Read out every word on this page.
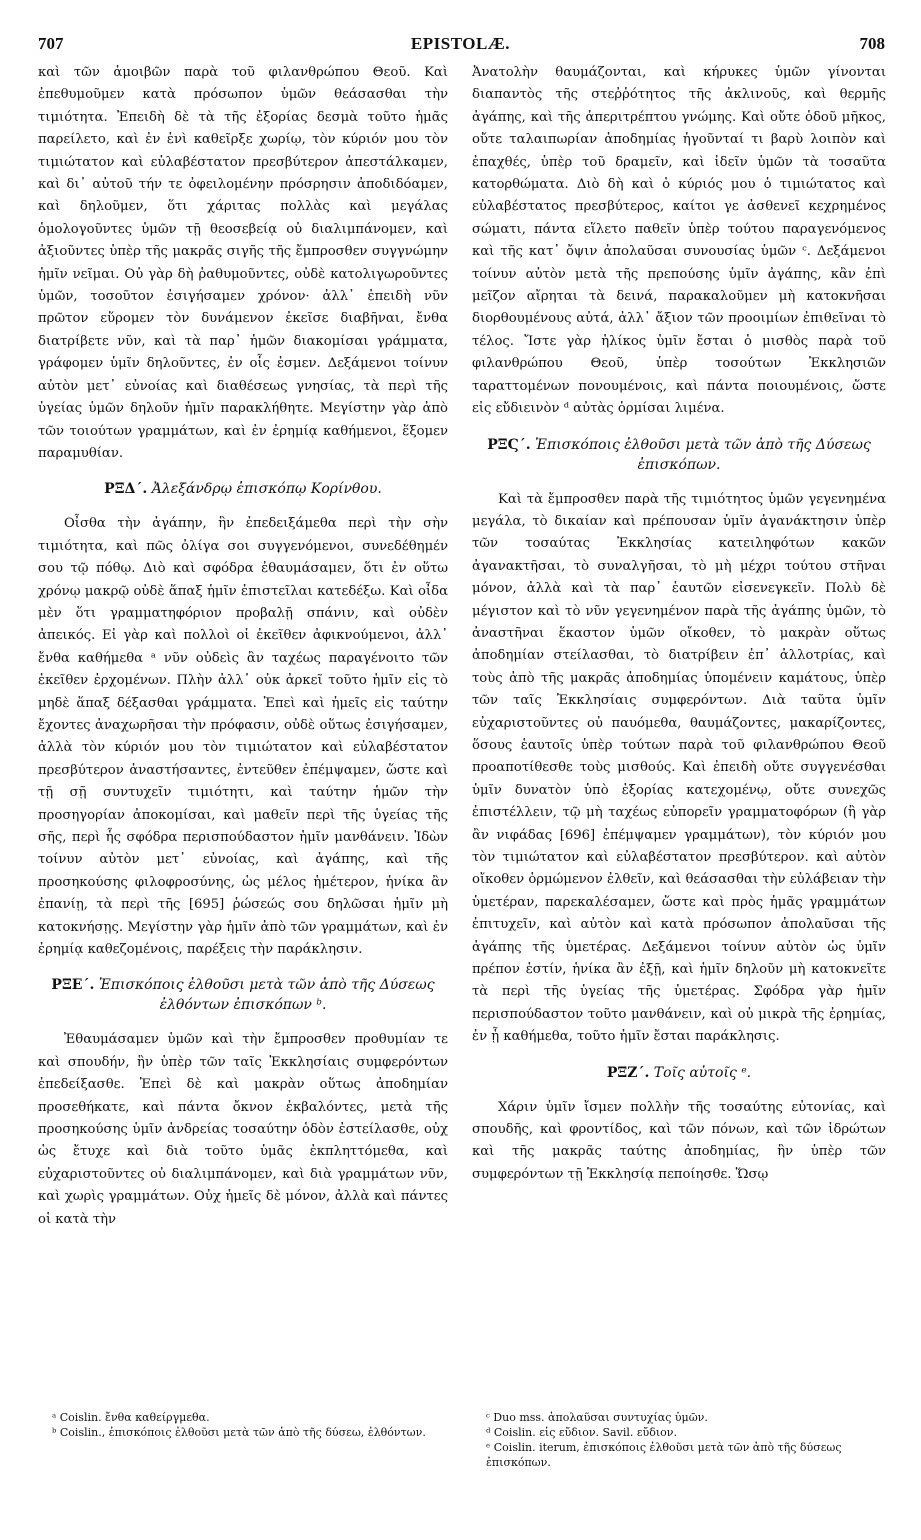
EPISTOLÆ.
707	708

καὶ τῶν ἀμοιβῶν παρὰ τοῦ φιλανθρώπου Θεοῦ. Καὶ ἐπεθυμοῦμεν κατὰ πρόσωπον ὑμῶν θεάσασθαι τὴν τιμιότητα. Ἐπειδὴ δὲ τὰ τῆς ἐξορίας δεσμὰ τοῦτο ἡμᾶς παρείλετο, καὶ ἐν ἑνὶ καθεῖρξε χωρίῳ, τὸν κύριόν μου τὸν τιμιώτατον καὶ εὐλαβέστατον πρεσβύτερον ἀπεστάλκαμεν, καὶ δι᾽ αὐτοῦ τήν τε ὀφειλομένην πρόσρησιν ἀποδιδόαμεν, καὶ δηλοῦμεν, ὅτι χάριτας πολλὰς καὶ μεγάλας ὁμολογοῦντες ὑμῶν τῇ θεοσεβείᾳ οὐ διαλιμπάνομεν, καὶ ἀξιοῦντες ὑπὲρ τῆς μακρᾶς σιγῆς τῆς ἔμπροσθεν συγγνώμην ἡμῖν νεῖμαι. Οὐ γὰρ δὴ ῥαθυμοῦντες, οὐδὲ κατολιγωροῦντες ὑμῶν, τοσοῦτον ἐσιγήσαμεν χρόνον· ἀλλ᾽ ἐπειδὴ νῦν πρῶτον εὕρομεν τὸν δυνάμενον ἐκεῖσε διαβῆναι, ἔνθα διατρίβετε νῦν, καὶ τὰ παρ᾽ ἡμῶν διακομίσαι γράμματα, γράφομεν ὑμῖν δηλοῦντες, ἐν οἷς ἐσμεν. Δεξάμενοι τοίνυν αὐτὸν μετ᾽ εὐνοίας καὶ διαθέσεως γνησίας, τὰ περὶ τῆς ὑγείας ὑμῶν δηλοῦν ἡμῖν παρακλήθητε. Μεγίστην γὰρ ἀπὸ τῶν τοιούτων γραμμάτων, καὶ ἐν ἐρημίᾳ καθήμενοι, ἕξομεν παραμυθίαν.

ΡΞΔ΄. Ἀλεξάνδρῳ ἐπισκόπῳ Κορίνθου.

Οἶσθα τὴν ἀγάπην, ἣν ἐπεδειξάμεθα περὶ τὴν σὴν τιμιότητα, καὶ πῶς ὀλίγα σοι συγγενόμενοι, συνεδέθημέν σου τῷ πόθῳ. Διὸ καὶ σφόδρα ἐθαυμάσαμεν, ὅτι ἐν οὕτω χρόνῳ μακρῷ οὐδὲ ἅπαξ ἡμῖν ἐπιστεῖλαι κατεδέξω. Καὶ οἶδα μὲν ὅτι γραμματηφόριον προβαλῇ σπάνιν, καὶ οὐδὲν ἀπεικός. Εἰ γὰρ καὶ πολλοὶ οἱ ἐκεῖθεν ἀφικνούμενοι, ἀλλ᾽ ἔνθα καθήμεθα ᵃ νῦν οὐδεὶς ἂν ταχέως παραγένοιτο τῶν ἐκεῖθεν ἐρχομένων. Πλὴν ἀλλ᾽ οὐκ ἀρκεῖ τοῦτο ἡμῖν εἰς τὸ μηδὲ ἅπαξ δέξασθαι γράμματα. Ἐπεὶ καὶ ἡμεῖς εἰς ταύτην ἔχοντες ἀναχωρῆσαι τὴν πρόφασιν, οὐδὲ οὕτως ἐσιγήσαμεν, ἀλλὰ τὸν κύριόν μου τὸν τιμιώτατον καὶ εὐλαβέστατον πρεσβύτερον ἀναστήσαντες, ἐντεῦθεν ἐπέμψαμεν, ὥστε καὶ τῇ σῇ συντυχεῖν τιμιότητι, καὶ ταύτην ἡμῶν τὴν προσηγορίαν ἀποκομίσαι, καὶ μαθεῖν περὶ τῆς ὑγείας τῆς σῆς, περὶ ἧς σφόδρα περισπούδαστον ἡμῖν μανθάνειν. Ἰδὼν τοίνυν αὐτὸν μετ᾽ εὐνοίας, καὶ ἀγάπης, καὶ τῆς προσηκούσης φιλοφροσύνης, ὡς μέλος ἡμέτερον, ἡνίκα ἂν ἐπανίῃ, τὰ περὶ τῆς [695] ῥώσεώς σου δηλῶσαι ἡμῖν μὴ κατοκνήσῃς. Μεγίστην γὰρ ἡμῖν ἀπὸ τῶν γραμμάτων, καὶ ἐν ἐρημίᾳ καθεζομένοις, παρέξεις τὴν παράκλησιν.

ΡΞΕ΄. Ἐπισκόποις ἐλθοῦσι μετὰ τῶν ἀπὸ τῆς Δύσεως ἐλθόντων ἐπισκόπων ᵇ.

Ἐθαυμάσαμεν ὑμῶν καὶ τὴν ἔμπροσθεν προθυμίαν τε καὶ σπουδήν, ἣν ὑπὲρ τῶν ταῖς Ἐκκλησίαις συμφερόντων ἐπεδείξασθε. Ἐπεὶ δὲ καὶ μακρὰν οὕτως ἀποδημίαν προσεθήκατε, καὶ πάντα ὄκνον ἐκβαλόντες, μετὰ τῆς προσηκούσης ὑμῖν ἀνδρείας τοσαύτην ὁδὸν ἐστείλασθε, οὐχ ὡς ἔτυχε καὶ διὰ τοῦτο ὑμᾶς ἐκπληττόμεθα, καὶ εὐχαριστοῦντες οὐ διαλιμπάνομεν, καὶ διὰ γραμμάτων νῦν, καὶ χωρὶς γραμμάτων. Οὐχ ἡμεῖς δὲ μόνον, ἀλλὰ καὶ πάντες οἱ κατὰ τὴν

Ἀνατολὴν θαυμάζονται, καὶ κήρυκες ὑμῶν γίνονται διαπαντὸς τῆς στεῤῥότητος τῆς ἀκλινοῦς, καὶ θερμῆς ἀγάπης, καὶ τῆς ἀπεριτρέπτου γνώμης. Καὶ οὔτε ὁδοῦ μῆκος, οὔτε ταλαιπωρίαν ἀποδημίας ἡγοῦνταί τι βαρὺ λοιπὸν καὶ ἐπαχθές, ὑπὲρ τοῦ δραμεῖν, καὶ ἰδεῖν ὑμῶν τὰ τοσαῦτα κατορθώματα. Διὸ δὴ καὶ ὁ κύριός μου ὁ τιμιώτατος καὶ εὐλαβέστατος πρεσβύτερος, καίτοι γε ἀσθενεῖ κεχρημένος σώματι, πάντα εἵλετο παθεῖν ὑπὲρ τούτου παραγενόμενος καὶ τῆς κατ᾽ ὄψιν ἀπολαῦσαι συνουσίας ὑμῶν ᶜ. Δεξάμενοι τοίνυν αὐτὸν μετὰ τῆς πρεπούσης ὑμῖν ἀγάπης, κἂν ἐπὶ μεῖζον αἴρηται τὰ δεινά, παρακαλοῦμεν μὴ κατοκνῆσαι διορθουμένους αὐτά, ἀλλ᾽ ἄξιον τῶν προοιμίων ἐπιθεῖναι τὸ τέλος. Ἴστε γὰρ ἡλίκος ὑμῖν ἔσται ὁ μισθὸς παρὰ τοῦ φιλανθρώπου Θεοῦ, ὑπὲρ τοσούτων Ἐκκλησιῶν ταραττομένων πονουμένοις, καὶ πάντα ποιουμένοις, ὥστε εἰς εὔδιεινὸν ᵈ αὐτὰς ὁρμίσαι λιμένα.

ΡΞϚ΄. Ἐπισκόποις ἐλθοῦσι μετὰ τῶν ἀπὸ τῆς Δύσεως ἐπισκόπων.

Καὶ τὰ ἔμπροσθεν παρὰ τῆς τιμιότητος ὑμῶν γεγενημένα μεγάλα, τὸ δικαίαν καὶ πρέπουσαν ὑμῖν ἀγανάκτησιν ὑπὲρ τῶν τοσαύτας Ἐκκλησίας κατειληφότων κακῶν ἀγανακτῆσαι, τὸ συναλγῆσαι, τὸ μὴ μέχρι τούτου στῆναι μόνον, ἀλλὰ καὶ τὰ παρ᾽ ἑαυτῶν εἰσενεγκεῖν. Πολὺ δὲ μέγιστον καὶ τὸ νῦν γεγενημένον παρὰ τῆς ἀγάπης ὑμῶν, τὸ ἀναστῆναι ἕκαστον ὑμῶν οἴκοθεν, τὸ μακρὰν οὕτως ἀποδημίαν στείλασθαι, τὸ διατρίβειν ἐπ᾽ ἀλλοτρίας, καὶ τοὺς ἀπὸ τῆς μακρᾶς ἀποδημίας ὑπομένειν καμάτους, ὑπὲρ τῶν ταῖς Ἐκκλησίαις συμφερόντων. Διὰ ταῦτα ὑμῖν εὐχαριστοῦντες οὐ παυόμεθα, θαυμάζοντες, μακαρίζοντες, ὅσους ἑαυτοῖς ὑπὲρ τούτων παρὰ τοῦ φιλανθρώπου Θεοῦ προαποτίθεσθε τοὺς μισθούς. Καὶ ἐπειδὴ οὔτε συγγενέσθαι ὑμῖν δυνατὸν ὑπὸ ἐξορίας κατεχομένῳ, οὔτε συνεχῶς ἐπιστέλλειν, τῷ μὴ ταχέως εὐπορεῖν γραμματοφόρων (ἢ γὰρ ἂν νιφάδας [696] ἐπέμψαμεν γραμμάτων), τὸν κύριόν μου τὸν τιμιώτατον καὶ εὐλαβέστατον πρεσβύτερον. καὶ αὐτὸν οἴκοθεν ὁρμώμενον ἐλθεῖν, καὶ θεάσασθαι τὴν εὐλάβειαν τὴν ὑμετέραν, παρεκαλέσαμεν, ὥστε καὶ πρὸς ἡμᾶς γραμμάτων ἐπιτυχεῖν, καὶ αὐτὸν καὶ κατὰ πρόσωπον ἀπολαῦσαι τῆς ἀγάπης τῆς ὑμετέρας. Δεξάμενοι τοίνυν αὐτὸν ὡς ὑμῖν πρέπον ἐστίν, ἡνίκα ἂν ἐξῇ, καὶ ἡμῖν δηλοῦν μὴ κατοκνεῖτε τὰ περὶ τῆς ὑγείας τῆς ὑμετέρας. Σφόδρα γὰρ ἡμῖν περισπούδαστον τοῦτο μανθάνειν, καὶ οὐ μικρὰ τῆς ἐρημίας, ἐν ᾗ καθήμεθα, τοῦτο ἡμῖν ἔσται παράκλησις.

ΡΞΖ΄. Τοῖς αὐτοῖς ᵉ.

Χάριν ὑμῖν ἴσμεν πολλὴν τῆς τοσαύτης εὐτονίας, καὶ σπουδῆς, καὶ φροντίδος, καὶ τῶν πόνων, καὶ τῶν ἱδρώτων καὶ τῆς μακρᾶς ταύτης ἀποδημίας, ἣν ὑπὲρ τῶν συμφερόντων τῇ Ἐκκλησίᾳ πεποίησθε. Ὥσῳ

ᵃ Coislin. ἔνθα καθείργμεθα.

ᵇ Coislin., ἐπισκόποις ἐλθοῦσι μετὰ τῶν ἀπὸ τῆς δύσεω, ἐλθόντων.

ᶜ Duo mss. ἀπολαῦσαι συντυχίας ὑμῶν.

ᵈ Coislin. εἰς εὔδιον. Savil. εὔδιον.

ᵉ Coislin. iterum, ἐπισκόποις ἐλθοῦσι μετὰ τῶν ἀπὸ τῆς δύσεως ἐπισκόπων.
